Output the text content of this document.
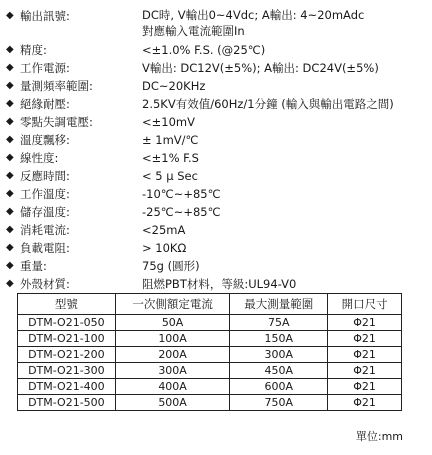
◆ 輸出訊號:	DC時, V輸出0~4Vdc; A輸出: 4~20mAdc
對應輸入電流範圍In
◆ 精度:	<±1.0% F.S. (@25℃)
◆ 工作電源:	V輸出: DC12V(±5%); A輸出: DC24V(±5%)
◆ 量測頻率範圍:	DC~20KHz
◆ 絕緣耐壓:	2.5KV有效值/60Hz/1分鐘 (輸入與輸出電路之間)
◆ 零點失調電壓:	<±10mV
◆ 溫度飄移:	± 1mV/℃
◆ 線性度:	<±1% F.S
◆ 反應時間:	< 5 μ Sec
◆ 工作溫度:	-10℃~+85℃
◆ 儲存溫度:	-25℃~+85℃
◆ 消耗電流:	<25mA
◆ 負載電阻:	> 10KΩ
◆ 重量:	75g (圓形)
◆ 外殼材質:	阻燃PBT材料，等級:UL94-V0
型號	一次側額定電流	最大測量範圍	開口尺寸
DTM-O21-050	50A	75A	Φ21
DTM-O21-100	100A	150A	Φ21
DTM-O21-200	200A	300A	Φ21
DTM-O21-300	300A	450A	Φ21
DTM-O21-400	400A	600A	Φ21
DTM-O21-500	500A	750A	Φ21
單位:mm
